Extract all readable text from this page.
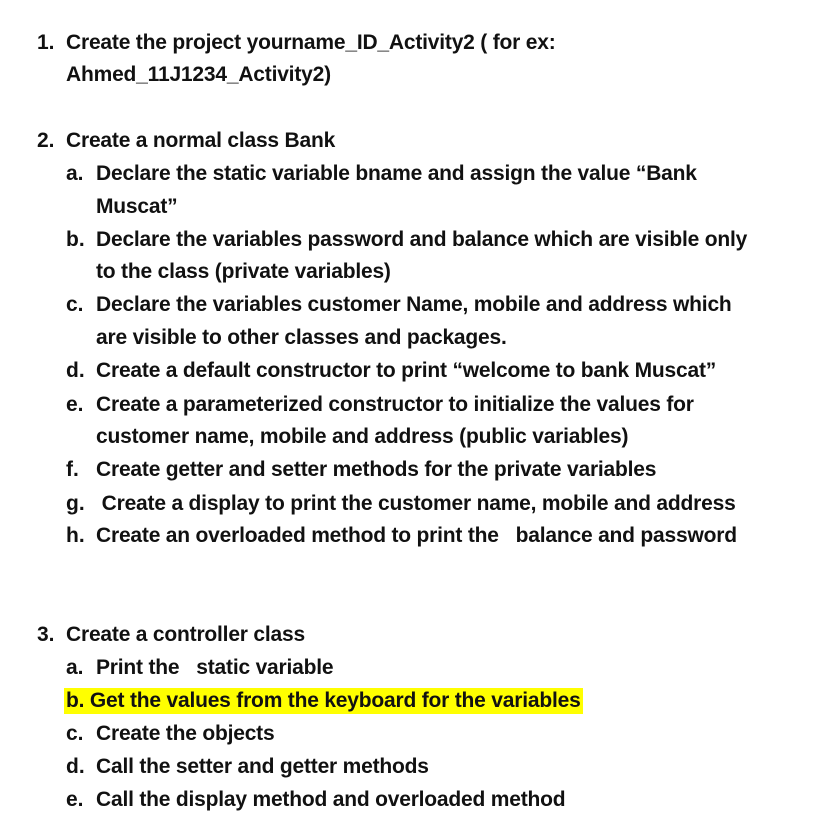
1. Create the project yourname_ID_Activity2 ( for ex:
Ahmed_11J1234_Activity2)
2. Create a normal class Bank
a. Declare the static variable bname and assign the value “Bank
Muscat”
b. Declare the variables password and balance which are visible only
to the class (private variables)
c. Declare the variables customer Name, mobile and address which
are visible to other classes and packages.
d. Create a default constructor to print “welcome to bank Muscat”
e. Create a parameterized constructor to initialize the values for
customer name, mobile and address (public variables)
f. Create getter and setter methods for the private variables
g. Create a display to print the customer name, mobile and address
h. Create an overloaded method to print the   balance and password
3. Create a controller class
a. Print the   static variable
b. Get the values from the keyboard for the variables
c. Create the objects
d. Call the setter and getter methods
e. Call the display method and overloaded method
